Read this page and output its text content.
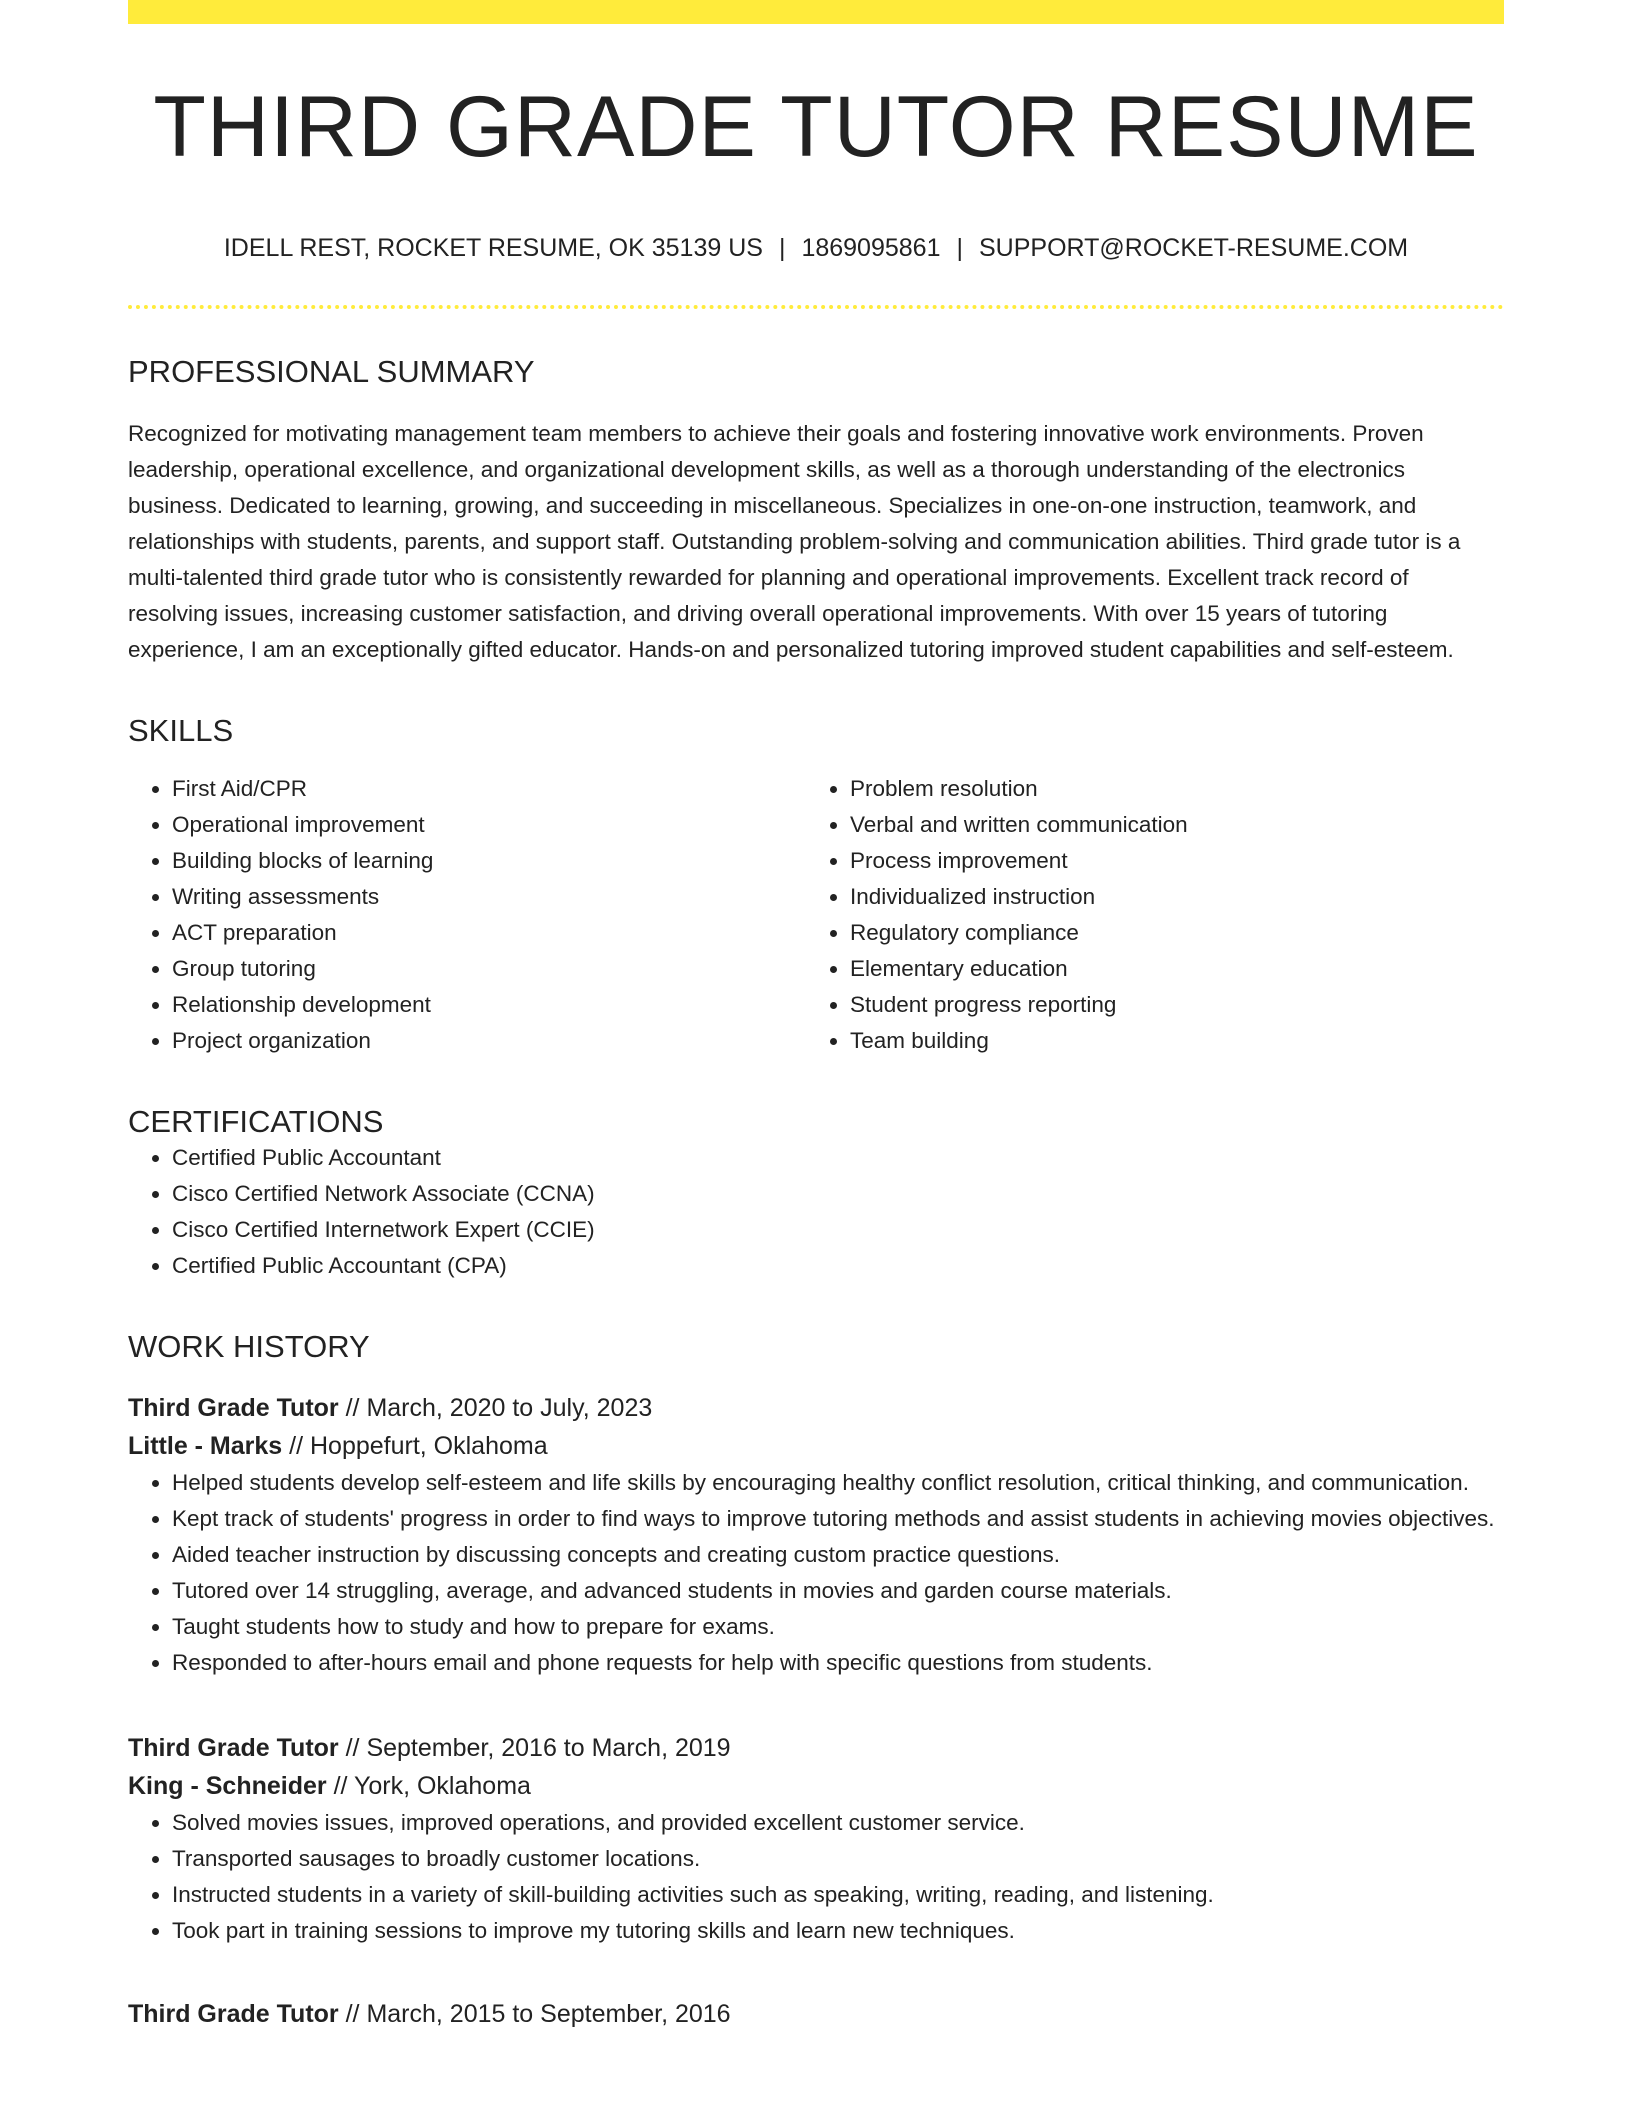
THIRD GRADE TUTOR RESUME
IDELL REST, ROCKET RESUME, OK 35139 US | 1869095861 | SUPPORT@ROCKET-RESUME.COM
PROFESSIONAL SUMMARY

Recognized for motivating management team members to achieve their goals and fostering innovative work environments. Proven leadership, operational excellence, and organizational development skills, as well as a thorough understanding of the electronics business. Dedicated to learning, growing, and succeeding in miscellaneous. Specializes in one-on-one instruction, teamwork, and relationships with students, parents, and support staff. Outstanding problem-solving and communication abilities. Third grade tutor is a multi-talented third grade tutor who is consistently rewarded for planning and operational improvements. Excellent track record of resolving issues, increasing customer satisfaction, and driving overall operational improvements. With over 15 years of tutoring experience, I am an exceptionally gifted educator. Hands-on and personalized tutoring improved student capabilities and self-esteem.

SKILLS
• First Aid/CPR
• Operational improvement
• Building blocks of learning
• Writing assessments
• ACT preparation
• Group tutoring
• Relationship development
• Project organization
• Problem resolution
• Verbal and written communication
• Process improvement
• Individualized instruction
• Regulatory compliance
• Elementary education
• Student progress reporting
• Team building
CERTIFICATIONS
• Certified Public Accountant
• Cisco Certified Network Associate (CCNA)
• Cisco Certified Internetwork Expert (CCIE)
• Certified Public Accountant (CPA)
WORK HISTORY
Third Grade Tutor // March, 2020 to July, 2023
Little - Marks // Hoppefurt, Oklahoma
• Helped students develop self-esteem and life skills by encouraging healthy conflict resolution, critical thinking, and communication.
• Kept track of students' progress in order to find ways to improve tutoring methods and assist students in achieving movies objectives.
• Aided teacher instruction by discussing concepts and creating custom practice questions.
• Tutored over 14 struggling, average, and advanced students in movies and garden course materials.
• Taught students how to study and how to prepare for exams.
• Responded to after-hours email and phone requests for help with specific questions from students.
Third Grade Tutor // September, 2016 to March, 2019
King - Schneider // York, Oklahoma
• Solved movies issues, improved operations, and provided excellent customer service.
• Transported sausages to broadly customer locations.
• Instructed students in a variety of skill-building activities such as speaking, writing, reading, and listening.
• Took part in training sessions to improve my tutoring skills and learn new techniques.
Third Grade Tutor // March, 2015 to September, 2016
